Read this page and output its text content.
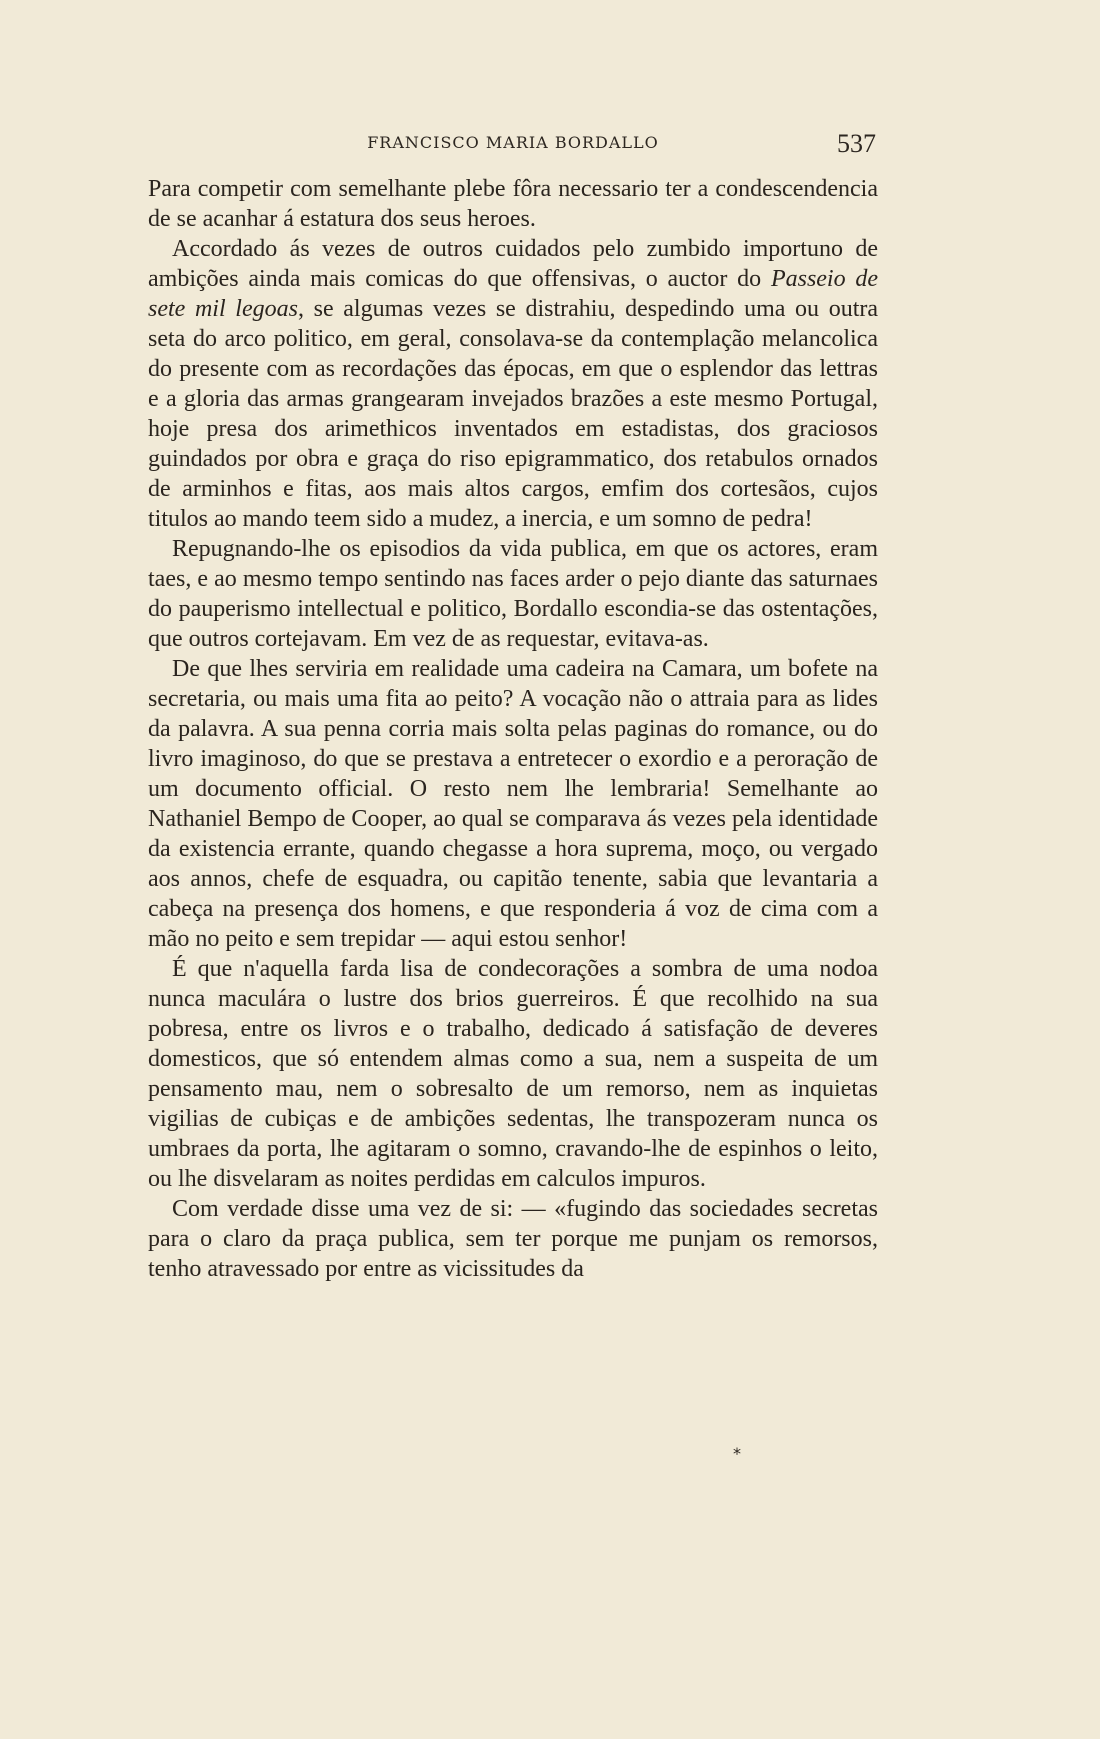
FRANCISCO MARIA BORDALLO	537

Para competir com semelhante plebe fôra necessario ter a condescendencia de se acanhar á estatura dos seus heroes.

Accordado ás vezes de outros cuidados pelo zumbido importuno de ambições ainda mais comicas do que offensivas, o auctor do Passeio de sete mil legoas, se algumas vezes se distrahiu, despedindo uma ou outra seta do arco politico, em geral, consolava-se da contemplação melancolica do presente com as recordações das épocas, em que o esplendor das lettras e a gloria das armas grangearam invejados brazões a este mesmo Portugal, hoje presa dos arimethicos inventados em estadistas, dos graciosos guindados por obra e graça do riso epigrammatico, dos retabulos ornados de arminhos e fitas, aos mais altos cargos, emfim dos cortesãos, cujos titulos ao mando teem sido a mudez, a inercia, e um somno de pedra!

Repugnando-lhe os episodios da vida publica, em que os actores, eram taes, e ao mesmo tempo sentindo nas faces arder o pejo diante das saturnaes do pauperismo intellectual e politico, Bordallo escondia-se das ostentações, que outros cortejavam. Em vez de as requestar, evitava-as.

De que lhes serviria em realidade uma cadeira na Camara, um bofete na secretaria, ou mais uma fita ao peito? A vocação não o attraia para as lides da palavra. A sua penna corria mais solta pelas paginas do romance, ou do livro imaginoso, do que se prestava a entretecer o exordio e a peroração de um documento official. O resto nem lhe lembraria! Semelhante ao Nathaniel Bempo de Cooper, ao qual se comparava ás vezes pela identidade da existencia errante, quando chegasse a hora suprema, moço, ou vergado aos annos, chefe de esquadra, ou capitão tenente, sabia que levantaria a cabeça na presença dos homens, e que responderia á voz de cima com a mão no peito e sem trepidar — aqui estou senhor!

É que n'aquella farda lisa de condecorações a sombra de uma nodoa nunca maculára o lustre dos brios guerreiros. É que recolhido na sua pobresa, entre os livros e o trabalho, dedicado á satisfação de deveres domesticos, que só entendem almas como a sua, nem a suspeita de um pensamento mau, nem o sobresalto de um remorso, nem as inquietas vigilias de cubiças e de ambições sedentas, lhe transpozeram nunca os umbraes da porta, lhe agitaram o somno, cravando-lhe de espinhos o leito, ou lhe disvelaram as noites perdidas em calculos impuros.

Com verdade disse uma vez de si: — «fugindo das sociedades secretas para o claro da praça publica, sem ter porque me punjam os remorsos, tenho atravessado por entre as vicissitudes da

*
